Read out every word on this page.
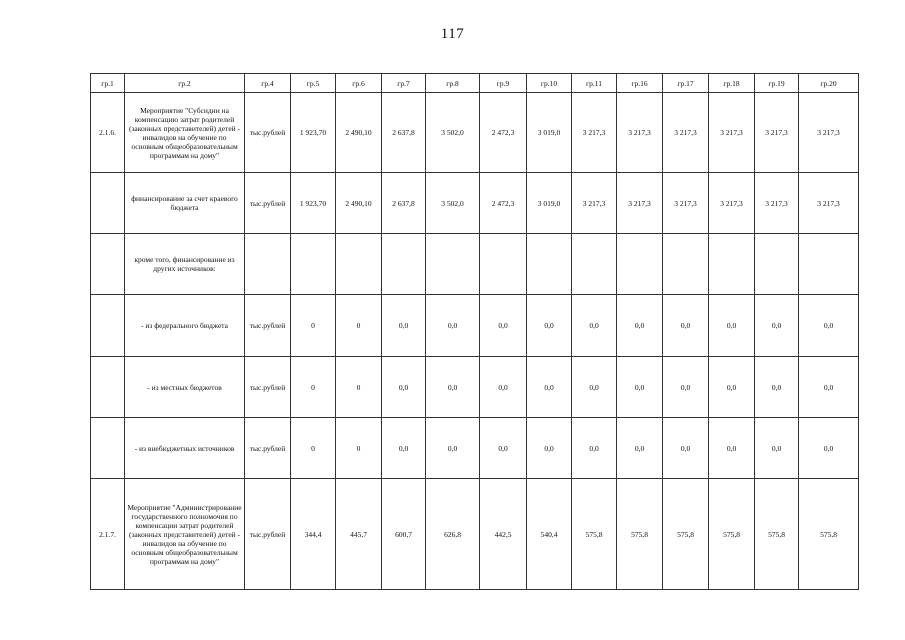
117
гр.1	гр.2	гр.4	гр.5	гр.6	гр.7	гр.8	гр.9	гр.10	гр.11	гр.16	гр.17	гр.18	гр.19	гр.20
2.1.6.	Мероприятие "Субсидии на компенсацию затрат родителей (законных представителей) детей - инвалидов на обучение по основным общеобразовательным программам на дому"	тыс.рублей	1 923,70	2 490,10	2 637,8	3 502,0	2 472,3	3 019,0	3 217,3	3 217,3	3 217,3	3 217,3	3 217,3	3 217,3
	финансирование за счет краевого бюджета	тыс.рублей	1 923,70	2 490,10	2 637,8	3 502,0	2 472,3	3 019,0	3 217,3	3 217,3	3 217,3	3 217,3	3 217,3	3 217,3
	кроме того, финансирование из других источников:													
	- из федерального бюджета	тыс.рублей	0	0	0,0	0,0	0,0	0,0	0,0	0,0	0,0	0,0	0,0	0,0
	- из местных бюджетов	тыс.рублей	0	0	0,0	0,0	0,0	0,0	0,0	0,0	0,0	0,0	0,0	0,0
	- из внебюджетных источников	тыс.рублей	0	0	0,0	0,0	0,0	0,0	0,0	0,0	0,0	0,0	0,0	0,0
2.1.7.	Мероприятие "Администрирование государственного полномочия по компенсации затрат родителей (законных представителей) детей - инвалидов на обучение по основным общеобразовательным программам на дому"	тыс.рублей	344,4	445,7	600,7	626,8	442,5	540,4	575,8	575,8	575,8	575,8	575,8	575,8
